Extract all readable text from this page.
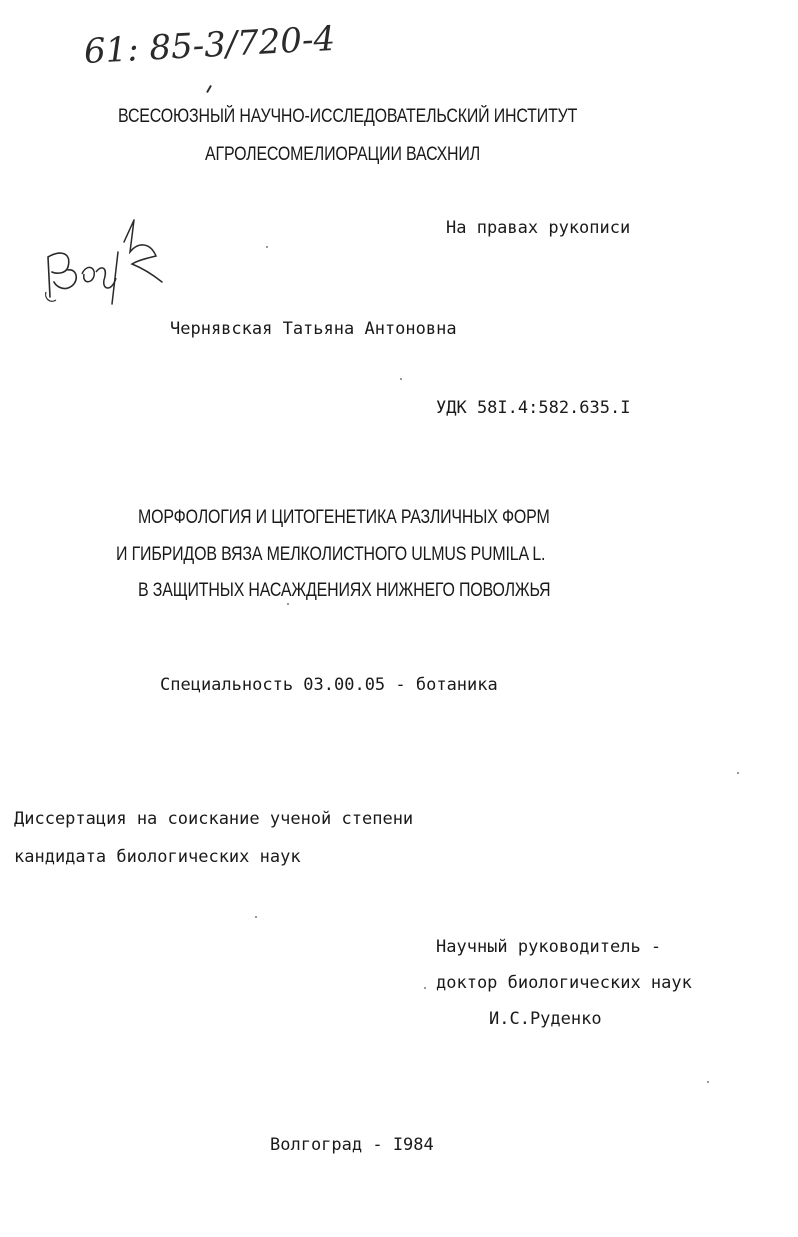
61: 85-3/720-4
ВСЕСОЮЗНЫЙ НАУЧНО-ИССЛЕДОВАТЕЛЬСКИЙ ИНСТИТУТ
АГРОЛЕСОМЕЛИОРАЦИИ ВАСХНИЛ
На правах рукописи
Чернявская Татьяна Антоновна
УДК 58I.4:582.635.I
МОРФОЛОГИЯ И ЦИТОГЕНЕТИКА РАЗЛИЧНЫХ ФОРМ
И ГИБРИДОВ ВЯЗА МЕЛКОЛИСТНОГО ULMUS PUMILA L.
В ЗАЩИТНЫХ НАСАЖДЕНИЯХ НИЖНЕГО ПОВОЛЖЬЯ
Специальность 03.00.05 - ботаника
Диссертация на соискание ученой степени
кандидата биологических наук
Научный руководитель -
доктор биологических наук
И.С.Руденко
Волгоград - I984
